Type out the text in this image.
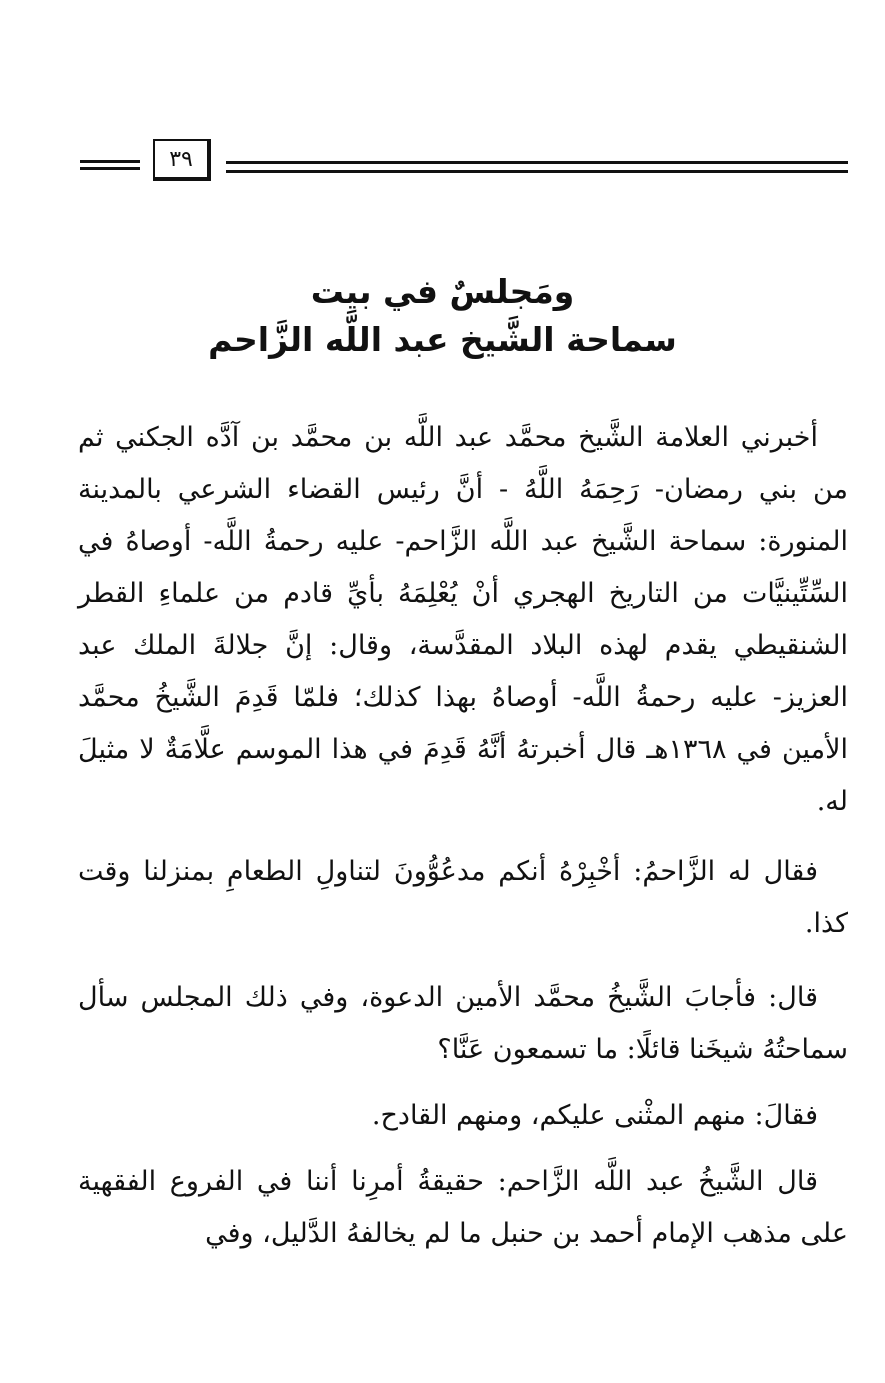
٣٩
ومَجلسٌ في بيت
سماحة الشَّيخ عبد اللَّه الزَّاحم

أخبرني العلامة الشَّيخ محمَّد عبد اللَّه بن محمَّد بن آدَّه الجكني ثم من بني رمضان- رَحِمَهُ اللَّهُ - أنَّ رئيس القضاء الشرعي بالمدينة المنورة: سماحة الشَّيخ عبد اللَّه الزَّاحم- عليه رحمةُ اللَّه- أوصاهُ في السِّتِّينيَّات من التاريخ الهجري أنْ يُعْلِمَهُ بأيِّ قادم من علماءِ القطر الشنقيطي يقدم لهذه البلاد المقدَّسة، وقال: إنَّ جلالةَ الملك عبد العزيز- عليه رحمةُ اللَّه- أوصاهُ بهذا كذلك؛ فلمّا قَدِمَ الشَّيخُ محمَّد الأمين في ١٣٦٨هـ قال أخبرتهُ أنَّهُ قَدِمَ في هذا الموسم علَّامَةٌ لا مثيلَ له.

فقال له الزَّاحمُ: أخْبِرْهُ أنكم مدعُوُّونَ لتناولِ الطعامِ بمنزلنا وقت كذا.

قال: فأجابَ الشَّيخُ محمَّد الأمين الدعوة، وفي ذلك المجلس سأل سماحتُهُ شيخَنا قائلًا: ما تسمعون عَنَّا؟

فقالَ: منهم المثْنى عليكم، ومنهم القادح.

قال الشَّيخُ عبد اللَّه الزَّاحم: حقيقةُ أمرِنا أننا في الفروع الفقهية على مذهب الإمام أحمد بن حنبل ما لم يخالفهُ الدَّليل، وفي
